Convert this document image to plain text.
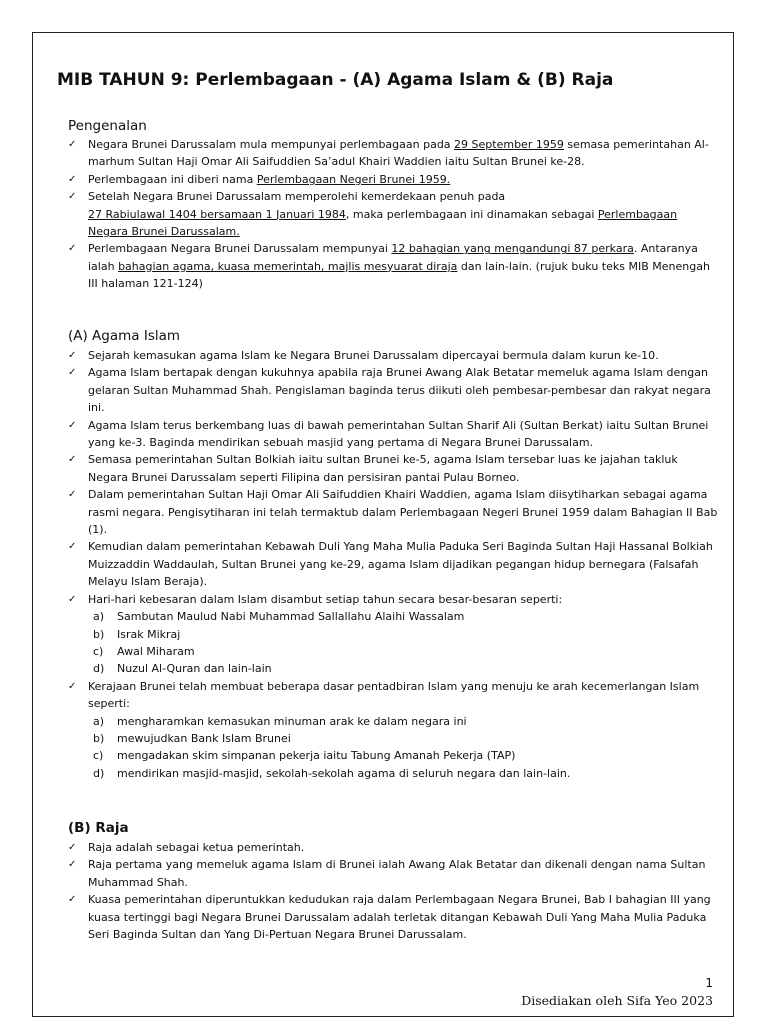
MIB TAHUN 9: Perlembagaan - (A) Agama Islam & (B) Raja
Pengenalan
✓ Negara Brunei Darussalam mula mempunyai perlembagaan pada 29 September 1959 semasa pemerintahan Al-marhum Sultan Haji Omar Ali Saifuddien Sa’adul Khairi Waddien iaitu Sultan Brunei ke-28.
✓ Perlembagaan ini diberi nama Perlembagaan Negeri Brunei 1959.
✓ Setelah Negara Brunei Darussalam memperolehi kemerdekaan penuh pada
27 Rabiulawal 1404 bersamaan 1 Januari 1984, maka perlembagaan ini dinamakan sebagai Perlembagaan Negara Brunei Darussalam.
✓ Perlembagaan Negara Brunei Darussalam mempunyai 12 bahagian yang mengandungi 87 perkara. Antaranya ialah bahagian agama, kuasa memerintah, majlis mesyuarat diraja dan lain-lain. (rujuk buku teks MIB Menengah III halaman 121-124)
(A) Agama Islam
✓ Sejarah kemasukan agama Islam ke Negara Brunei Darussalam dipercayai bermula dalam kurun ke-10.
✓ Agama Islam bertapak dengan kukuhnya apabila raja Brunei Awang Alak Betatar memeluk agama Islam dengan gelaran Sultan Muhammad Shah. Pengislaman baginda terus diikuti oleh pembesar-pembesar dan rakyat negara ini.
✓ Agama Islam terus berkembang luas di bawah pemerintahan Sultan Sharif Ali (Sultan Berkat) iaitu Sultan Brunei yang ke-3. Baginda mendirikan sebuah masjid yang pertama di Negara Brunei Darussalam.
✓ Semasa pemerintahan Sultan Bolkiah iaitu sultan Brunei ke-5, agama Islam tersebar luas ke jajahan takluk Negara Brunei Darussalam seperti Filipina dan persisiran pantai Pulau Borneo.
✓ Dalam pemerintahan Sultan Haji Omar Ali Saifuddien Khairi Waddien, agama Islam diisytiharkan sebagai agama rasmi negara. Pengisytiharan ini telah termaktub dalam Perlembagaan Negeri Brunei 1959 dalam Bahagian II Bab (1).
✓ Kemudian dalam pemerintahan Kebawah Duli Yang Maha Mulia Paduka Seri Baginda Sultan Haji Hassanal Bolkiah Muizzaddin Waddaulah, Sultan Brunei yang ke-29, agama Islam dijadikan pegangan hidup bernegara (Falsafah Melayu Islam Beraja).
✓ Hari-hari kebesaran dalam Islam disambut setiap tahun secara besar-besaran seperti:
a) Sambutan Maulud Nabi Muhammad Sallallahu Alaihi Wassalam
b) Israk Mikraj
c) Awal Miharam
d) Nuzul Al-Quran dan lain-lain
✓ Kerajaan Brunei telah membuat beberapa dasar pentadbiran Islam yang menuju ke arah kecemerlangan Islam seperti:
a) mengharamkan kemasukan minuman arak ke dalam negara ini
b) mewujudkan Bank Islam Brunei
c) mengadakan skim simpanan pekerja iaitu Tabung Amanah Pekerja (TAP)
d) mendirikan masjid-masjid, sekolah-sekolah agama di seluruh negara dan lain-lain.
(B) Raja
✓ Raja adalah sebagai ketua pemerintah.
✓ Raja pertama yang memeluk agama Islam di Brunei ialah Awang Alak Betatar dan dikenali dengan nama Sultan Muhammad Shah.
✓ Kuasa pemerintahan diperuntukkan kedudukan raja dalam Perlembagaan Negara Brunei, Bab I bahagian III yang kuasa tertinggi bagi Negara Brunei Darussalam adalah terletak ditangan Kebawah Duli Yang Maha Mulia Paduka Seri Baginda Sultan dan Yang Di-Pertuan Negara Brunei Darussalam.
1
Disediakan oleh Sifa Yeo 2023
